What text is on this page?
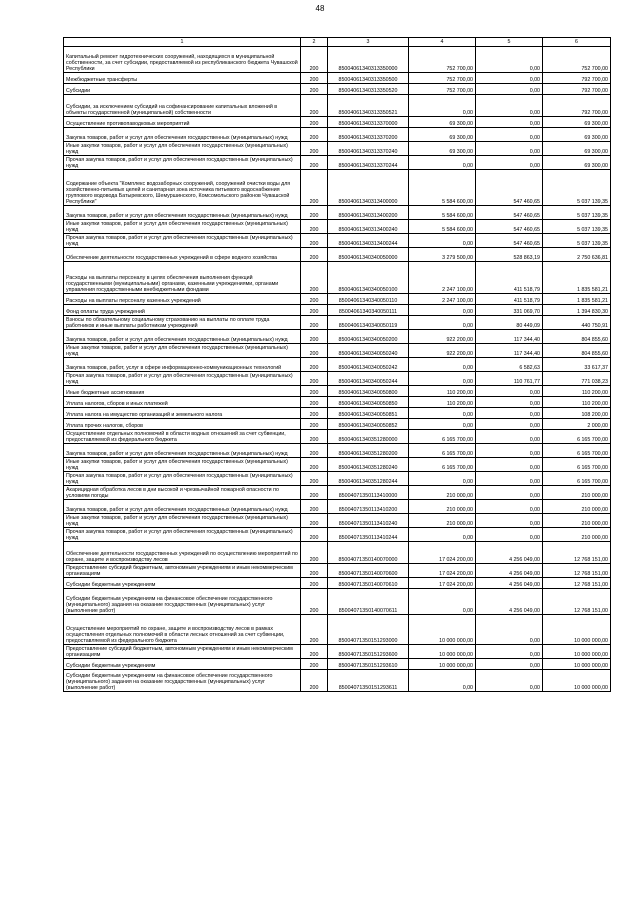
48
1	2	3	4	5	6
Капитальный ремонт гидротехнических сооружений, находящихся в муниципальной собственности, за счет субсидии, предоставляемой из республиканского бюджета Чувашской Республики	200	85004061340313350000	752 700,00	0,00	752 700,00
Межбюджетные трансферты	200	85004061340313350500	752 700,00	0,00	792 700,00
Субсидии	200	85004061340313350520	752 700,00	0,00	792 700,00
Субсидии, за исключением субсидий на софинансирование капитальных вложений в объекты государственной (муниципальной) собственности	200	85004061340313350521	0,00	0,00	792 700,00
Осуществление противопаводковых мероприятий	200	85004061340313370000	69 300,00	0,00	69 300,00
Закупка товаров, работ и услуг для обеспечения государственных (муниципальных) нужд	200	85004061340313370200	69 300,00	0,00	69 300,00
Иные закупки товаров, работ и услуг для обеспечения государственных (муниципальных) нужд	200	85004061340313370240	69 300,00	0,00	69 300,00
Прочая закупка товаров, работ и услуг для обеспечения государственных (муниципальных) нужд	200	85004061340313370244	0,00	0,00	69 300,00
Содержание объекта "Комплекс водозаборных сооружений, сооружений очистки воды для хозяйственно-питьевых целей и санитарная зона источника питьевого водоснабжения группового водовода Батыревского, Шемуршинского, Комсомольского районов Чувашской Республики"	200	85004061340313400000	5 584 600,00	547 460,65	5 037 139,35
Закупка товаров, работ и услуг для обеспечения государственных (муниципальных) нужд	200	85004061340313400200	5 584 600,00	547 460,65	5 037 139,35
Иные закупки товаров, работ и услуг для обеспечения государственных (муниципальных) нужд	200	85004061340313400240	5 584 600,00	547 460,65	5 037 139,35
Прочая закупка товаров, работ и услуг для обеспечения государственных (муниципальных) нужд	200	85004061340313400244	0,00	547 460,65	5 037 139,35
Обеспечение деятельности государственных учреждений в сфере водного хозяйства	200	85004061340340050000	3 279 500,00	528 863,19	2 750 636,81
Расходы на выплаты персоналу в целях обеспечения выполнения функций государственными (муниципальными) органами, казенными учреждениями, органами управления государственными внебюджетными фондами	200	85004061340340050100	2 247 100,00	411 518,79	1 835 581,21
Расходы на выплаты персоналу казенных учреждений	200	85004061340340050110	2 247 100,00	411 518,79	1 835 581,21
Фонд оплаты труда учреждений	200	85004061340340050111	0,00	331 069,70	1 394 830,30
Взносы по обязательному социальному страхованию на выплаты по оплате труда работников и иные выплаты работникам учреждений	200	85004061340340050119	0,00	80 449,09	440 750,91
Закупка товаров, работ и услуг для обеспечения государственных (муниципальных) нужд	200	85004061340340050200	922 200,00	117 344,40	804 855,60
Иные закупки товаров, работ и услуг для обеспечения государственных (муниципальных) нужд	200	85004061340340050240	922 200,00	117 344,40	804 855,60
Закупка товаров, работ, услуг в сфере информационно-коммуникационных технологий	200	85004061340340050242	0,00	6 582,63	33 617,37
Прочая закупка товаров, работ и услуг для обеспечения государственных (муниципальных) нужд	200	85004061340340050244	0,00	110 761,77	771 038,23
Иные бюджетные ассигнования	200	85004061340340050800	110 200,00	0,00	110 200,00
Уплата налогов, сборов и иных платежей	200	85004061340340050850	110 200,00	0,00	110 200,00
Уплата налога на имущество организаций и земельного налога	200	85004061340340050851	0,00	0,00	108 200,00
Уплата прочих налогов, сборов	200	85004061340340050852	0,00	0,00	2 000,00
Осуществление отдельных полномочий в области водных отношений за счет субвенции, предоставляемой из федерального бюджета	200	85004061340351280000	6 165 700,00	0,00	6 165 700,00
Закупка товаров, работ и услуг для обеспечения государственных (муниципальных) нужд	200	85004061340351280200	6 165 700,00	0,00	6 165 700,00
Иные закупки товаров, работ и услуг для обеспечения государственных (муниципальных) нужд	200	85004061340351280240	6 165 700,00	0,00	6 165 700,00
Прочая закупка товаров, работ и услуг для обеспечения государственных (муниципальных) нужд	200	85004061340351280244	0,00	0,00	6 165 700,00
Акарицидная обработка лесов в дни высокой и чрезвычайной пожарной опасности по условиям погоды	200	85004071350113410000	210 000,00	0,00	210 000,00
Закупка товаров, работ и услуг для обеспечения государственных (муниципальных) нужд	200	85004071350113410200	210 000,00	0,00	210 000,00
Иные закупки товаров, работ и услуг для обеспечения государственных (муниципальных) нужд	200	85004071350113410240	210 000,00	0,00	210 000,00
Прочая закупка товаров, работ и услуг для обеспечения государственных (муниципальных) нужд	200	85004071350113410244	0,00	0,00	210 000,00
Обеспечение деятельности государственных учреждений по осуществлению мероприятий по охране, защите и воспроизводству лесов	200	85004071350140070000	17 024 200,00	4 256 049,00	12 768 151,00
Предоставление субсидий бюджетным, автономным учреждениям и иным некоммерческим организациям	200	85004071350140070600	17 024 200,00	4 256 049,00	12 768 151,00
Субсидии бюджетным учреждениям	200	85004071350140070610	17 024 200,00	4 256 049,00	12 768 151,00
Субсидии бюджетным учреждениям на финансовое обеспечение государственного (муниципального) задания на оказание государственных (муниципальных) услуг (выполнение работ)	200	85004071350140070611	0,00	4 256 049,00	12 768 151,00
Осуществление мероприятий по охране, защите и воспроизводству лесов в рамках осуществления отдельных полномочий в области лесных отношений за счет субвенции, предоставляемой из федерального бюджета	200	85004071350151293000	10 000 000,00	0,00	10 000 000,00
Предоставление субсидий бюджетным, автономным учреждениям и иным некоммерческим организациям	200	85004071350151293600	10 000 000,00	0,00	10 000 000,00
Субсидии бюджетным учреждениям	200	85004071350151293610	10 000 000,00	0,00	10 000 000,00
Субсидии бюджетным учреждениям на финансовое обеспечение государственного (муниципального) задания на оказание государственных (муниципальных) услуг (выполнение работ)	200	85004071350151293611	0,00	0,00	10 000 000,00
